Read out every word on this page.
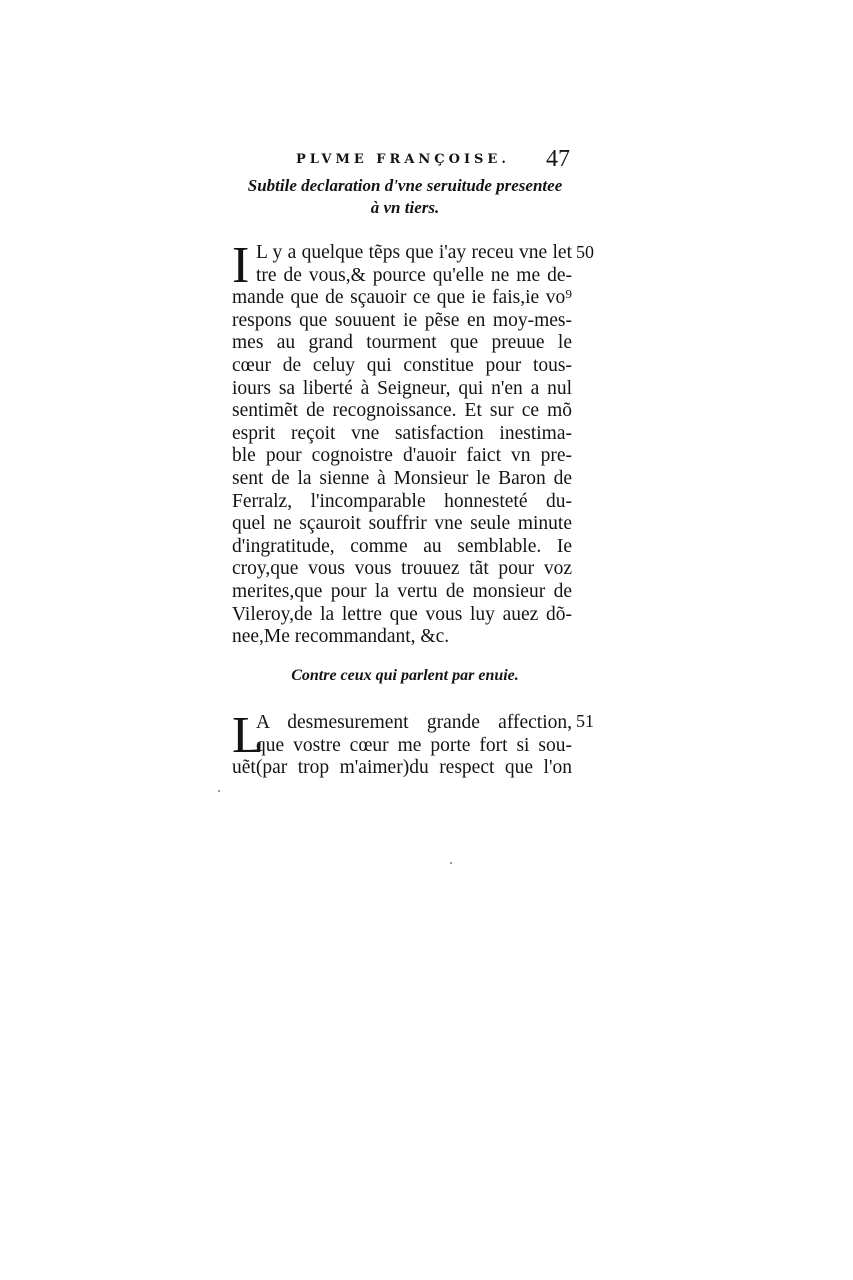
PLVME FRANÇOISE. 47
Subtile declaration d'vne seruitude presentee
à vn tiers.
50
I L y a quelque tẽps que i'ay receu vne let
tre de vous,& pource qu'elle ne me de-
mande que de sçauoir ce que ie fais,ie vo⁹
respons que souuent ie pẽse en moy-mes-
mes au grand tourment que preuue le
cœur de celuy qui constitue pour tous-
iours sa liberté à Seigneur, qui n'en a nul
sentimẽt de recognoissance. Et sur ce mõ
esprit reçoit vne satisfaction inestima-
ble pour cognoistre d'auoir faict vn pre-
sent de la sienne à Monsieur le Baron de
Ferralz, l'incomparable honnesteté du-
quel ne sçauroit souffrir vne seule minute
d'ingratitude, comme au semblable. Ie
croy,que vous vous trouuez tãt pour voz
merites,que pour la vertu de monsieur de
Vileroy,de la lettre que vous luy auez dõ-
nee,Me recommandant, &c.
Contre ceux qui parlent par enuie.
51
L
A desmesurement grande affection,
que vostre cœur me porte fort si sou-
uẽt(par trop m'aimer)du respect que l'on
